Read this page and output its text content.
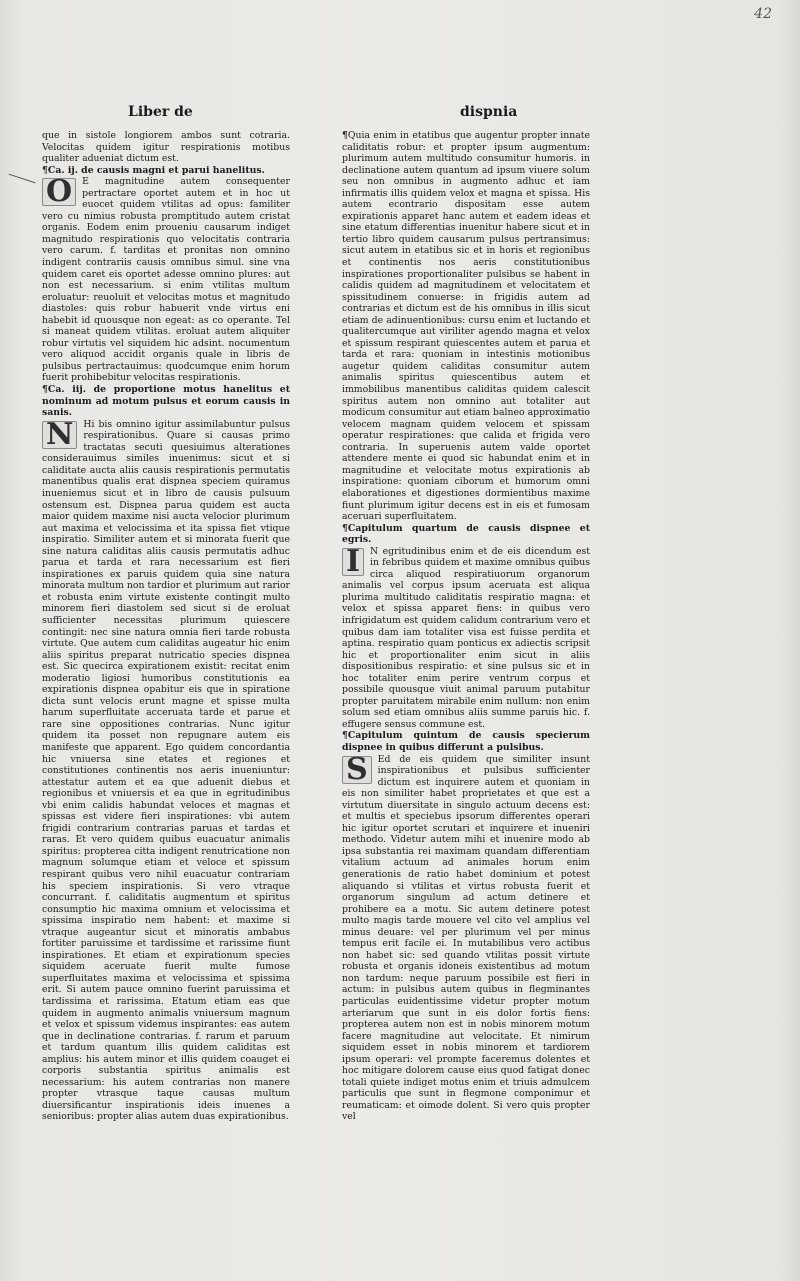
42
Liber de	dispnia

que in sistole longiorem ambos sunt cotraria. Velocitas quidem igitur respirationis motibus qualiter adueniat dictum est.

¶Ca. ij. de causis magni et parui hanelitus.

O	E magnitudine autem consequenter pertractare oportet autem et in hoc ut euocet quidem vtilitas ad opus: familiter vero cu nimius robusta promptitudo autem cristat organis. Eodem enim proueniu causarum indiget magnitudo respirationis quo velocitatis contraria vero carum. f. tarditas et pronitas non omnino indigent contrariis causis omnibus simul. sine vna quidem caret eis oportet adesse omnino plures: aut non est necessarium. si enim vtilitas multum eroluatur: reuoluit et velocitas motus et magnitudo diastoles: quis robur habuerit vnde virtus eni habebit id quousque non egeat: as co operante. Tel si maneat quidem vtilitas. eroluat autem aliquiter robur virtutis vel siquidem hic adsint. nocumentum vero aliquod accidit organis quale in libris de pulsibus pertractauimus: quodcumque enim horum fuerit prohibebitur velocitas respirationis.

¶Ca. iij. de proportione motus hanelitus et nominum ad motum pulsus et eorum causis in sanis.

N	Hi bis omnino igitur assimilabuntur pulsus respirationibus. Quare si causas primo tractatas secuti quesiuimus alterationes considerauimus similes inuenimus: sicut et si caliditate aucta aliis causis respirationis permutatis manentibus qualis erat dispnea speciem quiramus inueniemus sicut et in libro de causis pulsuum ostensum est. Dispnea parua quidem est aucta maior quidem maxime nisi aucta velocior plurimum aut maxima et velocissima et ita spissa fiet vtique inspiratio. Similiter autem et si minorata fuerit que sine natura caliditas aliis causis permutatis adhuc parua et tarda et rara necessarium est fieri inspirationes ex paruis quidem quia sine natura minorata multum non tardior et plurimum aut rarior et robusta enim virtute existente contingit multo minorem fieri diastolem sed sicut si de eroluat sufficienter necessitas plurimum quiescere contingit: nec sine natura omnia fieri tarde robusta virtute. Que autem cum caliditas augeatur hic enim aliis spiritus preparat nutricatio species dispnea est. Sic quecirca expirationem existit: recitat enim moderatio ligiosi humoribus constitutionis ea expirationis dispnea opabitur eis que in spiratione dicta sunt velocis erunt magne et spisse multa harum superfluitate acceruata tarde et parue et rare sine oppositiones contrarias. Nunc igitur quidem ita posset non repugnare autem eis manifeste que apparent. Ego quidem concordantia hic vniuersa sine etates et regiones et constitutiones continentis nos aeris inueniuntur: attestatur autem et ea que aduenit diebus et regionibus et vniuersis et ea que in egritudinibus vbi enim calidis habundat veloces et magnas et spissas est videre fieri inspirationes: vbi autem frigidi contrarium contrarias paruas et tardas et raras. Et vero quidem quibus euacuatur animalis spiritus: propterea citta indigent renutricatione non magnum solumque etiam et veloce et spissum respirant quibus vero nihil euacuatur contrariam his speciem inspirationis. Si vero vtraque concurrant. f. caliditatis augmentum et spiritus consumptio hic maxima omnium et velocissima et spissima inspiratio nem habent: et maxime si vtraque augeantur sicut et minoratis ambabus fortiter paruissime et tardissime et rarissime fiunt inspirationes. Et etiam et expirationum species siquidem aceruate fuerit multe fumose superfluitates maxima et velocissima et spissima erit. Si autem pauce omnino fuerint paruissima et tardissima et rarissima. Etatum etiam eas que quidem in augmento animalis vniuersum magnum et velox et spissum videmus inspirantes: eas autem que in declinatione contrarias. f. rarum et paruum et tardum quantum illis quidem caliditas est amplius: his autem minor et illis quidem coauget ei corporis substantia spiritus animalis est necessarium: his autem contrarias non manere propter vtrasque taque causas multum diuersificantur inspirationis ideis inuenes a senioribus: propter alias autem duas expirationibus.

¶Quia enim in etatibus que augentur propter innate caliditatis robur: et propter ipsum augmentum: plurimum autem multitudo consumitur humoris. in declinatione autem quantum ad ipsum viuere solum seu non omnibus in augmento adhuc et iam infirmatis illis quidem velox et magna et spissa. His autem econtrario dispositam esse autem expirationis apparet hanc autem et eadem ideas et sine etatum differentias inuenitur habere sicut et in tertio libro quidem causarum pulsus pertransimus: sicut autem in etatibus sic et in horis et regionibus et continentis nos aeris constitutionibus inspirationes proportionaliter pulsibus se habent in calidis quidem ad magnitudinem et velocitatem et spissitudinem conuerse: in frigidis autem ad contrarias et dictum est de his omnibus in illis sicut etiam de adinuentionibus: cursu enim et luctando et qualitercumque aut viriliter agendo magna et velox et spissum respirant quiescentes autem et parua et tarda et rara: quoniam in intestinis motionibus augetur quidem caliditas consumitur autem animalis spiritus quiescentibus autem et immobilibus manentibus caliditas quidem calescit spiritus autem non omnino aut totaliter aut modicum consumitur aut etiam balneo approximatio velocem magnam quidem velocem et spissam operatur respirationes: que calida et frigida vero contraria. In superuenis autem valde oportet attendere mente ei quod sic habundat enim et in magnitudine et velocitate motus expirationis ab inspiratione: quoniam ciborum et humorum omni elaborationes et digestiones dormientibus maxime fiunt plurimum igitur decens est in eis et fumosam aceruari superfluitatem.

¶Capitulum quartum de causis dispnee et egris.

I	N egritudinibus enim et de eis dicendum est in febribus quidem et maxime omnibus quibus circa aliquod respiratiuorum organorum animalis vel corpus ipsum aceruata est aliqua plurima multitudo caliditatis respiratio magna: et velox et spissa apparet fiens: in quibus vero infrigidatum est quidem calidum contrarium vero et quibus dam iam totaliter visa est fuisse perdita et aptina. respiratio quam ponticus ex adiectis scripsit hic et proportionaliter enim sicut in aliis dispositionibus respiratio: et sine pulsus sic et in hoc totaliter enim perire ventrum corpus et possibile quousque viuit animal paruum putabitur propter paruitatem mirabile enim nullum: non enim solum sed etiam omnibus aliis summe paruis hic. f. effugere sensus commune est.

¶Capitulum quintum de causis specierum dispnee in quibus differunt a pulsibus.

S	Ed de eis quidem que similiter insunt inspirationibus et pulsibus sufficienter dictum est inquirere autem et quoniam in eis non similiter habet proprietates et que est a virtutum diuersitate in singulo actuum decens est: et multis et speciebus ipsorum differentes operari hic igitur oportet scrutari et inquirere et inueniri methodo. Videtur autem mihi et inuenire modo ab ipsa substantia rei maximam quandam differentiam vitalium actuum ad animales horum enim generationis de ratio habet dominium et potest aliquando si vtilitas et virtus robusta fuerit et organorum singulum ad actum detinere et prohibere ea a motu. Sic autem detinere potest multo magis tarde mouere vel cito vel amplius vel minus deuare: vel per plurimum vel per minus tempus erit facile ei. In mutabilibus vero actibus non habet sic: sed quando vtilitas possit virtute robusta et organis idoneis existentibus ad motum non tardum: neque paruum possibile est fieri in actum: in pulsibus autem quibus in flegminantes particulas euidentissime videtur propter motum arteriarum que sunt in eis dolor fortis fiens: propterea autem non est in nobis minorem motum facere magnitudine aut velocitate. Et nimirum siquidem esset in nobis minorem et tardiorem ipsum operari: vel prompte faceremus dolentes et hoc mitigare dolorem cause eius quod fatigat donec totali quiete indiget motus enim et triuis admulcem particulis que sunt in flegmone componimur et reumaticam: et oimode dolent. Si vero quis propter vel
